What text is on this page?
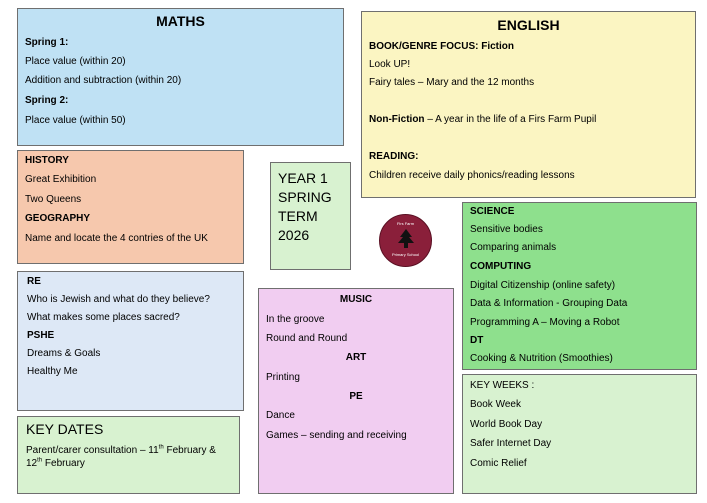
MATHS
Spring 1:
Place value (within 20)
Addition and subtraction (within 20)
Spring 2:
Place value (within 50)
ENGLISH
BOOK/GENRE FOCUS: Fiction
Look UP!
Fairy tales – Mary and the 12 months
Non-Fiction – A year in the life of a Firs Farm Pupil
READING:
Children receive daily phonics/reading lessons
HISTORY
Great Exhibition
Two Queens
GEOGRAPHY
Name and locate the 4 contries of the UK
YEAR 1
SPRING
TERM
2026
Firs Farm
Primary School
SCIENCE
Sensitive bodies
Comparing animals
COMPUTING
Digital Citizenship (online safety)
Data & Information - Grouping Data
Programming A – Moving a Robot
DT
Cooking & Nutrition (Smoothies)
RE
Who is Jewish and what do they believe?
What makes some places sacred?
PSHE
Dreams & Goals
Healthy Me
MUSIC
In the groove
Round and Round
ART
Printing
PE
Dance
Games – sending and receiving
KEY DATES
Parent/carer consultation – 11th February &
12th February
KEY WEEKS :
Book Week
World Book Day
Safer Internet Day
Comic Relief
